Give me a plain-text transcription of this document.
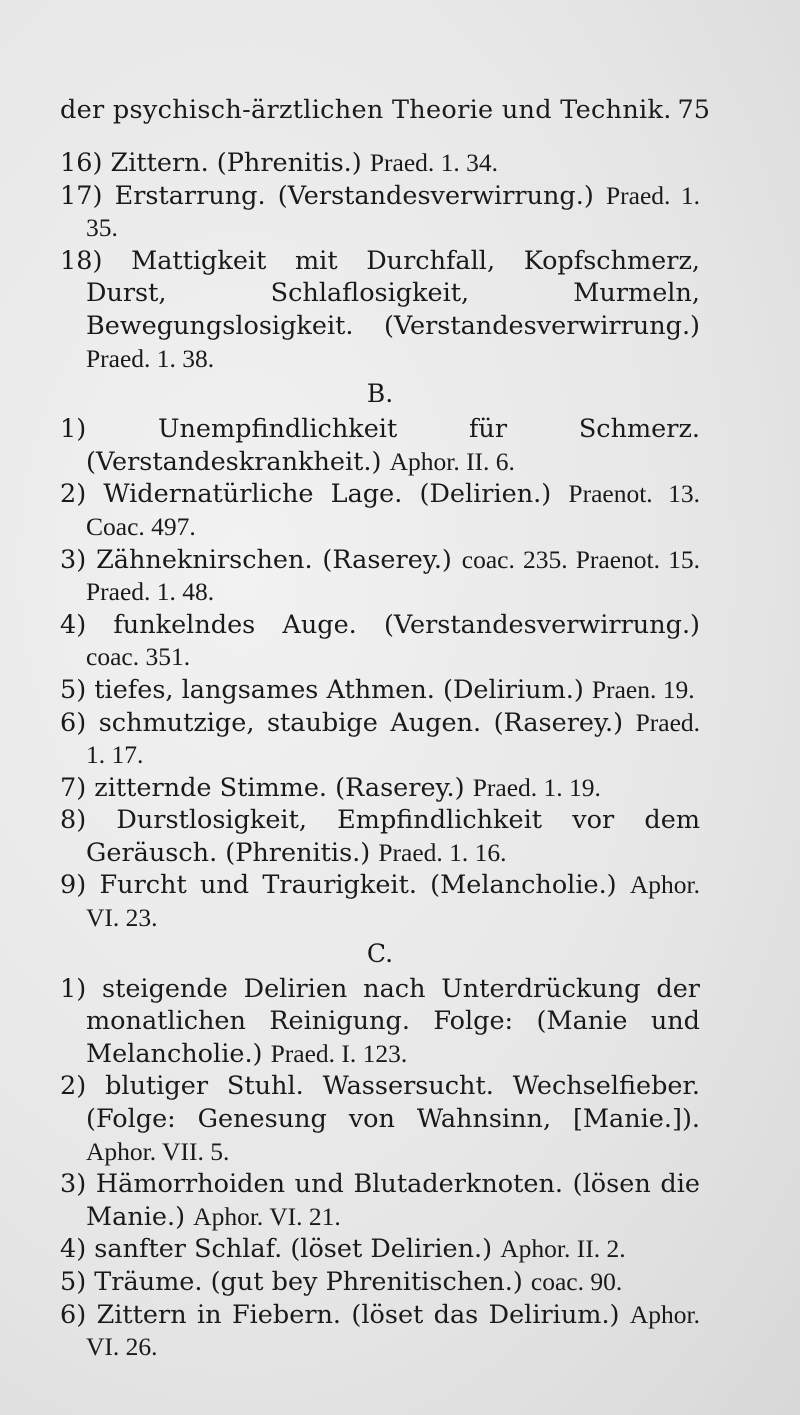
der psychisch-ärztlichen Theorie und Technik. 75
16) Zittern. (Phrenitis.) Praed. 1. 34.
17) Erstarrung. (Verstandesverwirrung.) Praed. 1. 35.
18) Mattigkeit mit Durchfall, Kopfschmerz, Durst, Schlaflosigkeit, Murmeln, Bewegungslosigkeit. (Verstandesverwirrung.) Praed. 1. 38.
B.
1)	Unempfindlichkeit für Schmerz. (Verstandeskrankheit.) Aphor. II. 6.
2) Widernatürliche Lage. (Delirien.) Praenot. 13. Coac. 497.
3) Zähneknirschen. (Raserey.) coac. 235. Praenot. 15. Praed. 1. 48.
4) funkelndes Auge. (Verstandesverwirrung.) coac. 351.
5) tiefes, langsames Athmen. (Delirium.) Praen. 19.
6) schmutzige, staubige Augen. (Raserey.) Praed. 1. 17.
7) zitternde Stimme. (Raserey.) Praed. 1. 19.
8) Durstlosigkeit, Empfindlichkeit vor dem Geräusch. (Phrenitis.) Praed. 1. 16.
9) Furcht und Traurigkeit. (Melancholie.) Aphor. VI. 23.
C.
1) steigende Delirien nach Unterdrückung der monatlichen Reinigung. Folge: (Manie und Melancholie.) Praed. I. 123.
2) blutiger Stuhl. Wassersucht. Wechselfieber. (Folge: Genesung von Wahnsinn, [Manie.]). Aphor. VII. 5.
3) Hämorrhoiden und Blutaderknoten. (lösen die Manie.) Aphor. VI. 21.
4) sanfter Schlaf. (löset Delirien.) Aphor. II. 2.
5) Träume. (gut bey Phrenitischen.) coac. 90.
6) Zittern in Fiebern. (löset das Delirium.) Aphor. VI. 26.
